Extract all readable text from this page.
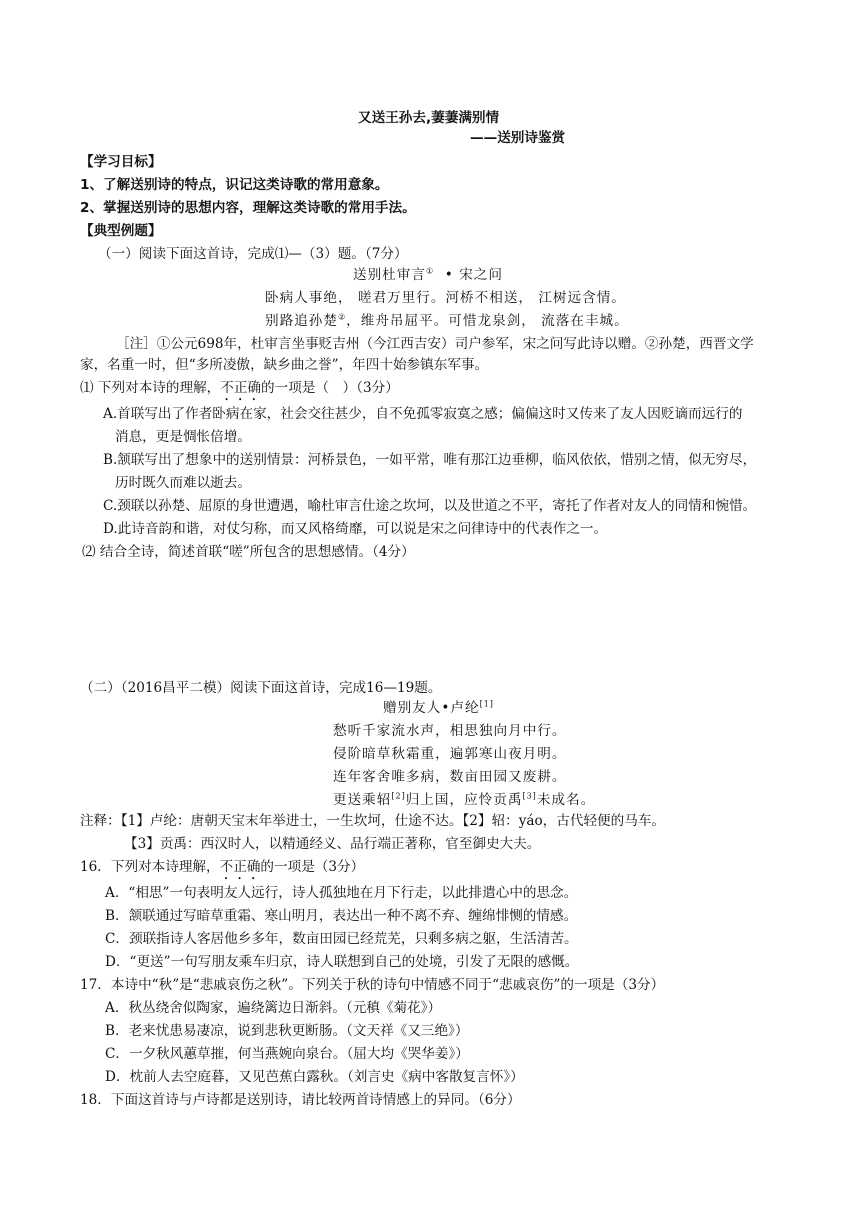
又送王孙去,萋萋满别情
——送别诗鉴赏
【学习目标】
1、了解送别诗的特点，识记这类诗歌的常用意象。
2、掌握送别诗的思想内容，理解这类诗歌的常用手法。
【典型例题】
（一）阅读下面这首诗，完成⑴—（3）题。（7分）
送别杜审言① • 宋之问
卧病人事绝， 嗟君万里行。河桥不相送， 江树远含情。
别路追孙楚②，维舟吊屈平。可惜龙泉剑， 流落在丰城。
［注］①公元698年，杜审言坐事贬吉州（今江西吉安）司户参军，宋之问写此诗以赠。②孙楚，西晋文学
家，名重一时，但“多所凌傲，缺乡曲之誉”，年四十始参镇东军事。
⑴ 下列对本诗的理解，不正确的一项是（　）（3分）
A.首联写出了作者卧病在家，社会交往甚少，自不免孤零寂寞之感；偏偏这时又传来了友人因贬谪而远行的
消息，更是惆怅倍增。
B.颔联写出了想象中的送别情景：河桥景色，一如平常，唯有那江边垂柳，临风依依，惜别之情，似无穷尽，
历时既久而难以逝去。
C.颈联以孙楚、屈原的身世遭遇，喻杜审言仕途之坎坷，以及世道之不平，寄托了作者对友人的同情和惋惜。
D.此诗音韵和谐，对仗匀称，而又风格绮靡，可以说是宋之问律诗中的代表作之一。
⑵ 结合全诗，简述首联“嗟”所包含的思想感情。（4分）
（二）（2016昌平二模）阅读下面这首诗，完成16—19题。
赠别友人•卢纶[1]
愁听千家流水声，相思独向月中行。
侵阶暗草秋霜重，遍郭寒山夜月明。
连年客舍唯多病，数亩田园又废耕。
更送乘轺[2]归上国，应怜贡禹[3]未成名。
注释：【1】卢纶：唐朝天宝末年举进士，一生坎坷，仕途不达。【2】轺：yáo，古代轻便的马车。
【3】贡禹：西汉时人，以精通经义、品行端正著称，官至御史大夫。
16．下列对本诗理解，不正确的一项是（3分）
A．“相思”一句表明友人远行，诗人孤独地在月下行走，以此排遣心中的思念。
B．颔联通过写暗草重霜、寒山明月，表达出一种不离不弃、缠绵悱恻的情感。
C．颈联指诗人客居他乡多年，数亩田园已经荒芜，只剩多病之躯，生活清苦。
D．“更送”一句写朋友乘车归京，诗人联想到自己的处境，引发了无限的感慨。
17．本诗中“秋”是“悲戚哀伤之秋”。下列关于秋的诗句中情感不同于“悲戚哀伤”的一项是（3分）
A．秋丛绕舍似陶家，遍绕篱边日渐斜。（元稹《菊花》）
B．老来忧患易凄凉，说到悲秋更断肠。（文天祥《又三绝》）
C．一夕秋风蕙草摧，何当燕婉向泉台。（屈大均《哭华姜》）
D．枕前人去空庭暮，又见芭蕉白露秋。（刘言史《病中客散复言怀》）
18．下面这首诗与卢诗都是送别诗，请比较两首诗情感上的异同。（6分）
